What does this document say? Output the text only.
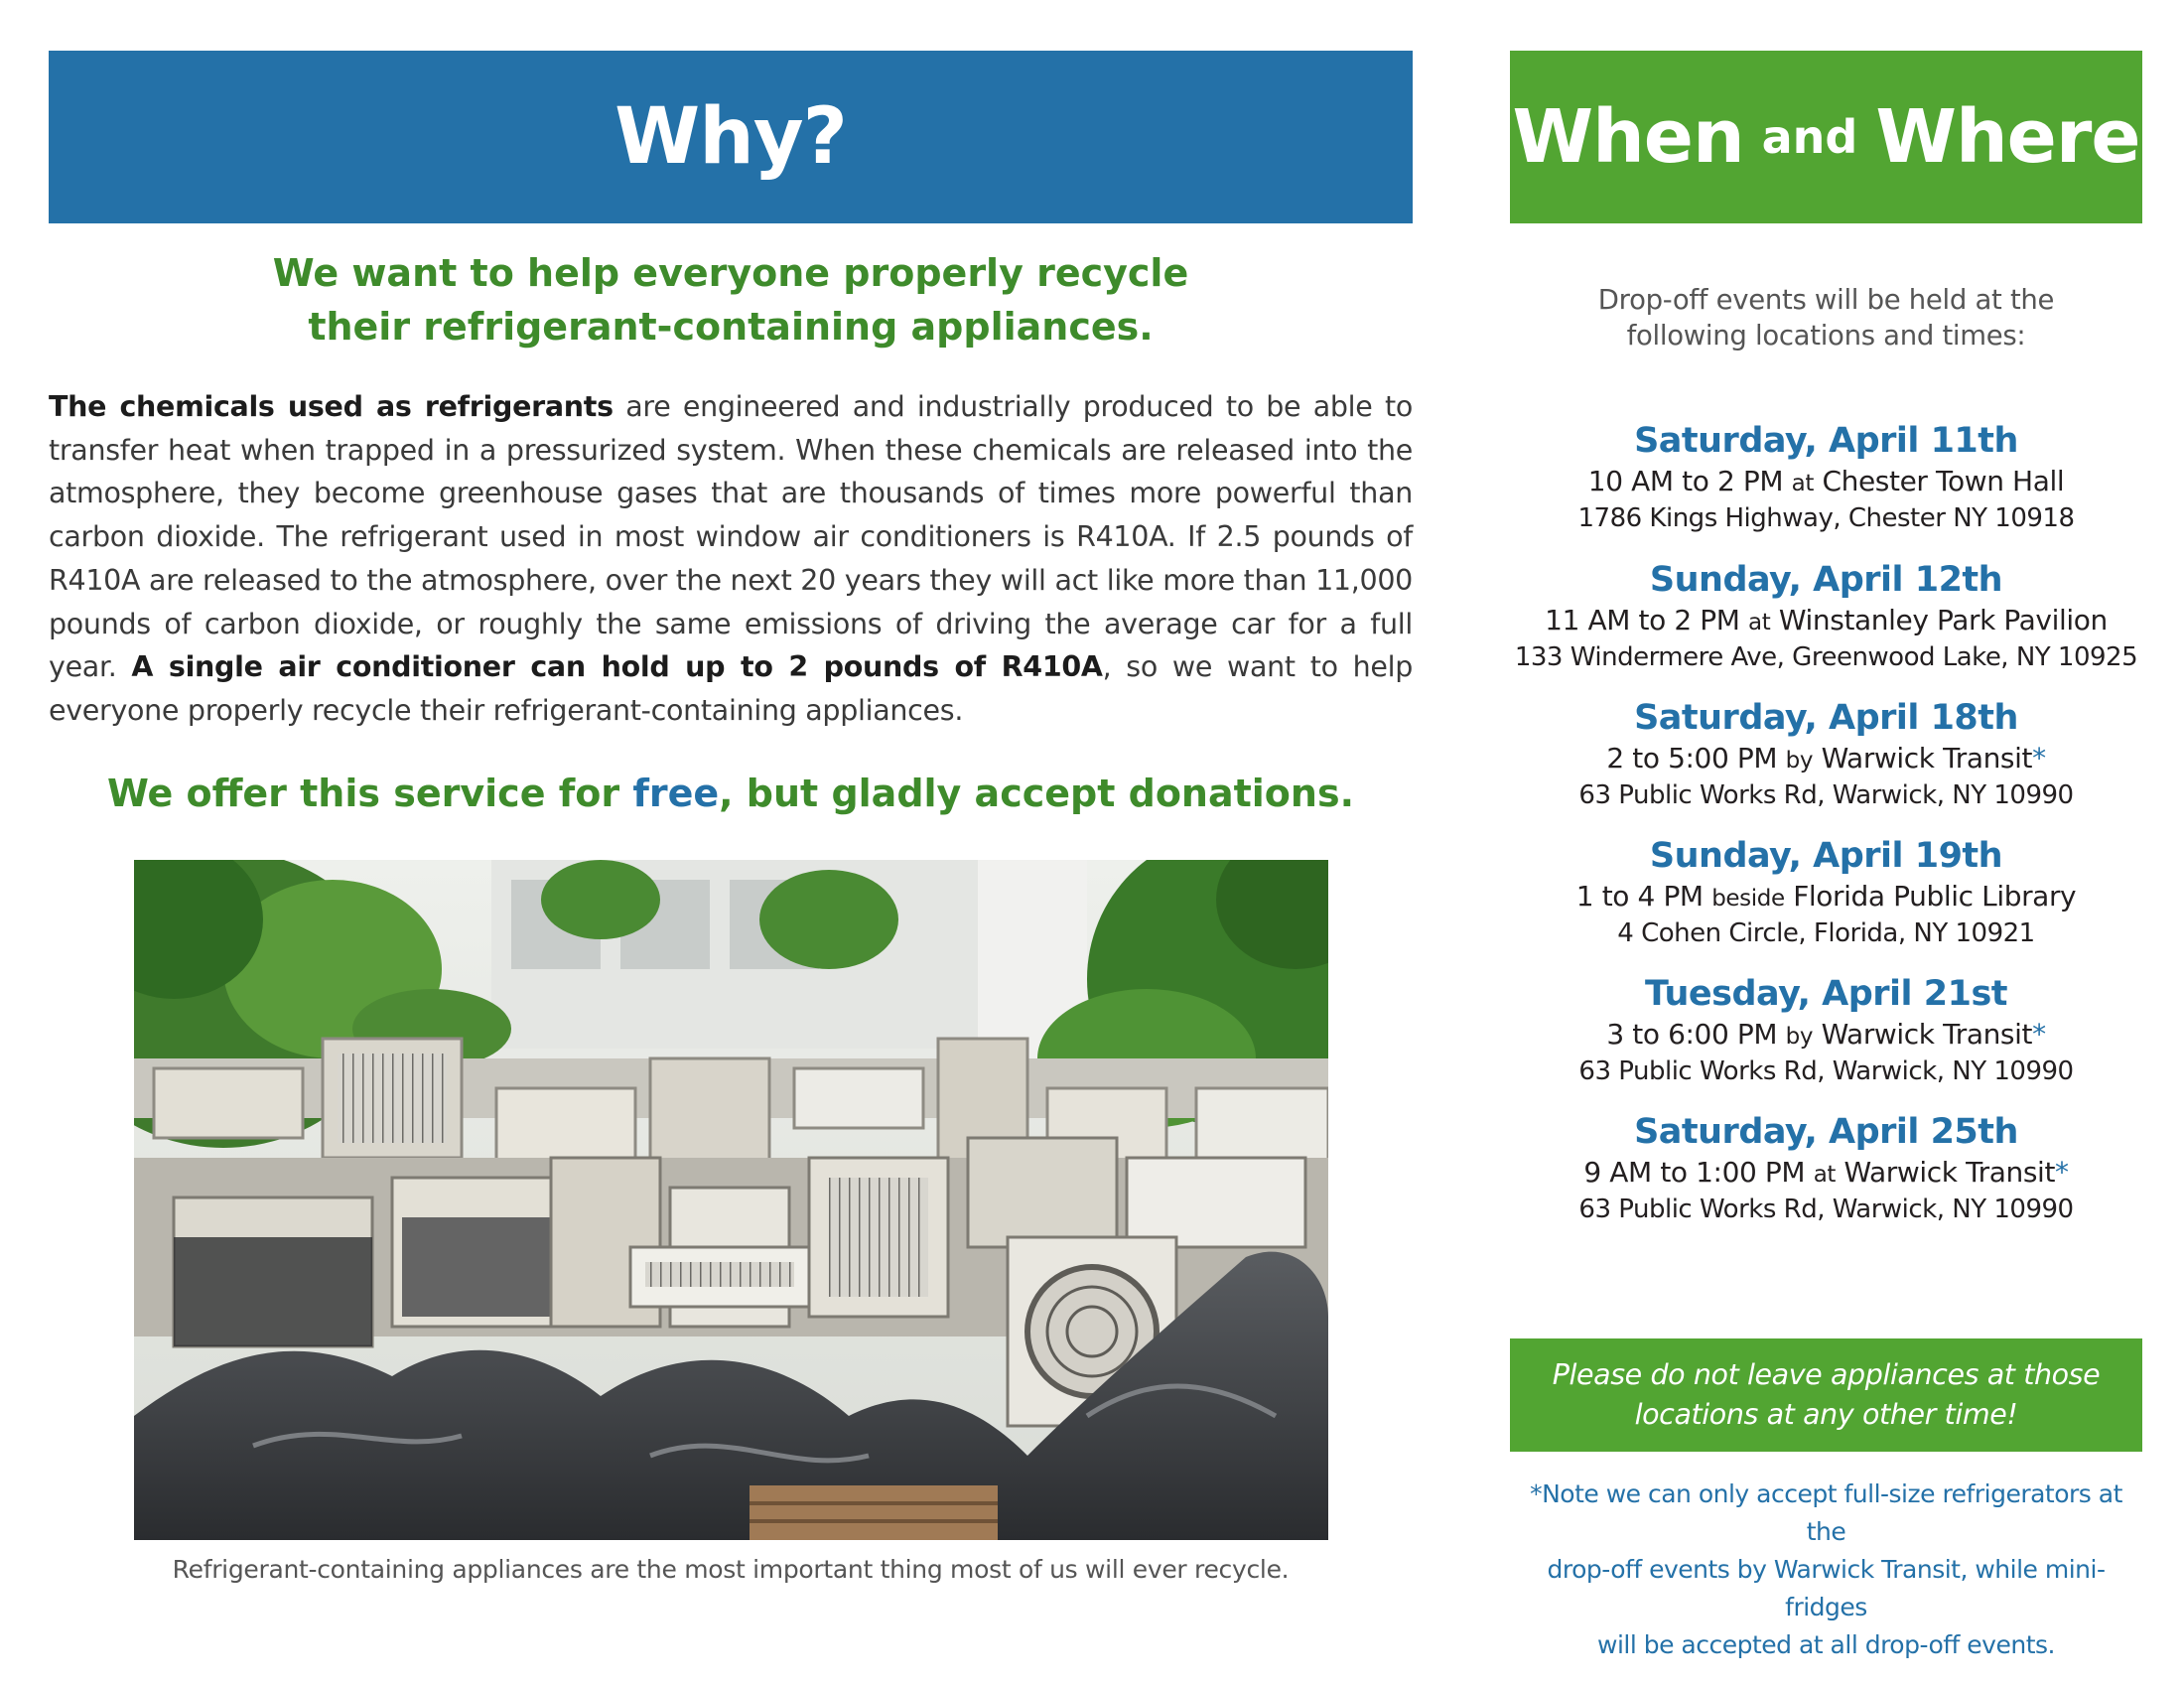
Why?
We want to help everyone properly recycle
their refrigerant-containing appliances.
The chemicals used as refrigerants are engineered and industrially produced to be able to transfer heat when trapped in a pressurized system. When these chemicals are released into the atmosphere, they become greenhouse gases that are thousands of times more powerful than carbon dioxide. The refrigerant used in most window air conditioners is R410A. If 2.5 pounds of R410A are released to the atmosphere, over the next 20 years they will act like more than 11,000 pounds of carbon dioxide, or roughly the same emissions of driving the average car for a full year. A single air conditioner can hold up to 2 pounds of R410A, so we want to help everyone properly recycle their refrigerant-containing appliances.
We offer this service for free, but gladly accept donations.
Refrigerant-containing appliances are the most important thing most of us will ever recycle.
When and Where
Drop-off events will be held at the
following locations and times:
Saturday, April 11th
10 AM to 2 PM at Chester Town Hall
1786 Kings Highway, Chester NY 10918
Sunday, April 12th
11 AM to 2 PM at Winstanley Park Pavilion
133 Windermere Ave, Greenwood Lake, NY 10925
Saturday, April 18th
2 to 5:00 PM by Warwick Transit*
63 Public Works Rd, Warwick, NY 10990
Sunday, April 19th
1 to 4 PM beside Florida Public Library
4 Cohen Circle, Florida, NY 10921
Tuesday, April 21st
3 to 6:00 PM by Warwick Transit*
63 Public Works Rd, Warwick, NY 10990
Saturday, April 25th
9 AM to 1:00 PM at Warwick Transit*
63 Public Works Rd, Warwick, NY 10990
Please do not leave appliances at those
locations at any other time!
*Note we can only accept full-size refrigerators at the
drop-off events by Warwick Transit, while mini-fridges
will be accepted at all drop-off events.
